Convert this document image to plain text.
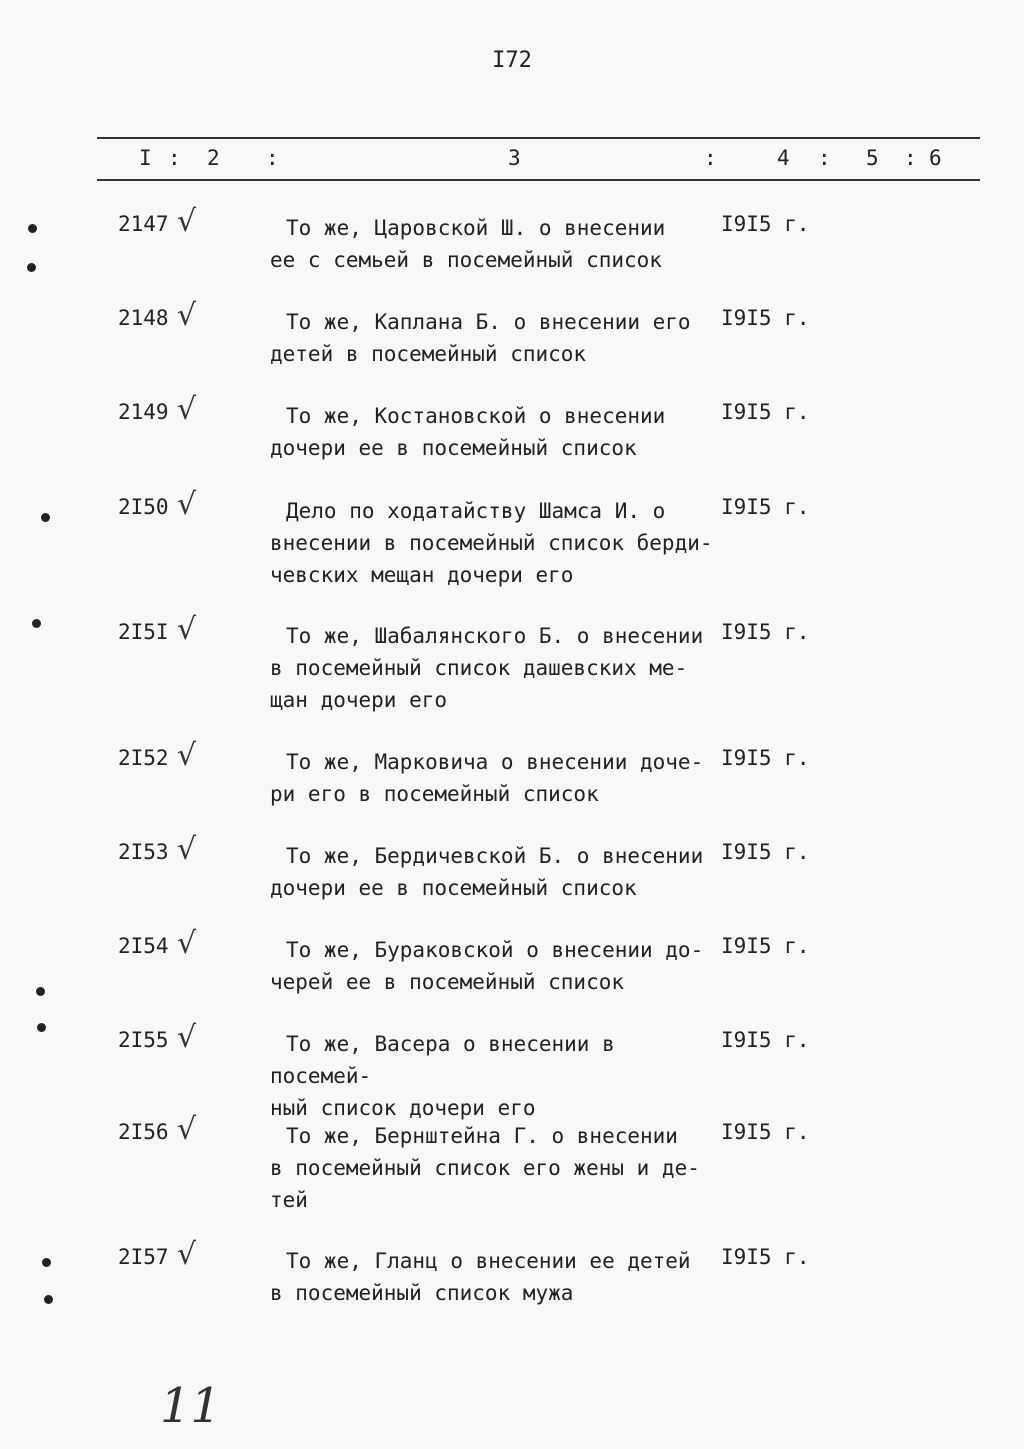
I72
I : 2 :	3	:	4 : 5 : 6
2147 √	То же, Царовской Ш. о внесении
ее с семьей в посемейный список
I9I5 г.
2148 √	То же, Каплана Б. о внесении его
детей в посемейный список
I9I5 г.
2149 √	То же, Костановской о внесении
дочери ее в посемейный список
I9I5 г.
2I50 √	Дело по ходатайству Шамса И. о
внесении в посемейный список берди-
чевских мещан дочери его
I9I5 г.
2I5I √	То же, Шабалянского Б. о внесении
в посемейный список дашевских ме-
щан дочери его
I9I5 г.
2I52 √	То же, Марковича о внесении доче-
ри его в посемейный список
I9I5 г.
2I53 √	То же, Бердичевской Б. о внесении
дочери ее в посемейный список
I9I5 г.
2I54 √	То же, Бураковской о внесении до-
черей ее в посемейный список
I9I5 г.
2I55 √	То же, Васера о внесении в посемей-
ный список дочери его
I9I5 г.
2I56 √	То же, Бернштейна Г. о внесении
в посемейный список его жены и де-
тей
I9I5 г.
2I57 √	То же, Гланц о внесении ее детей
в посемейный список мужа
I9I5 г.
11
